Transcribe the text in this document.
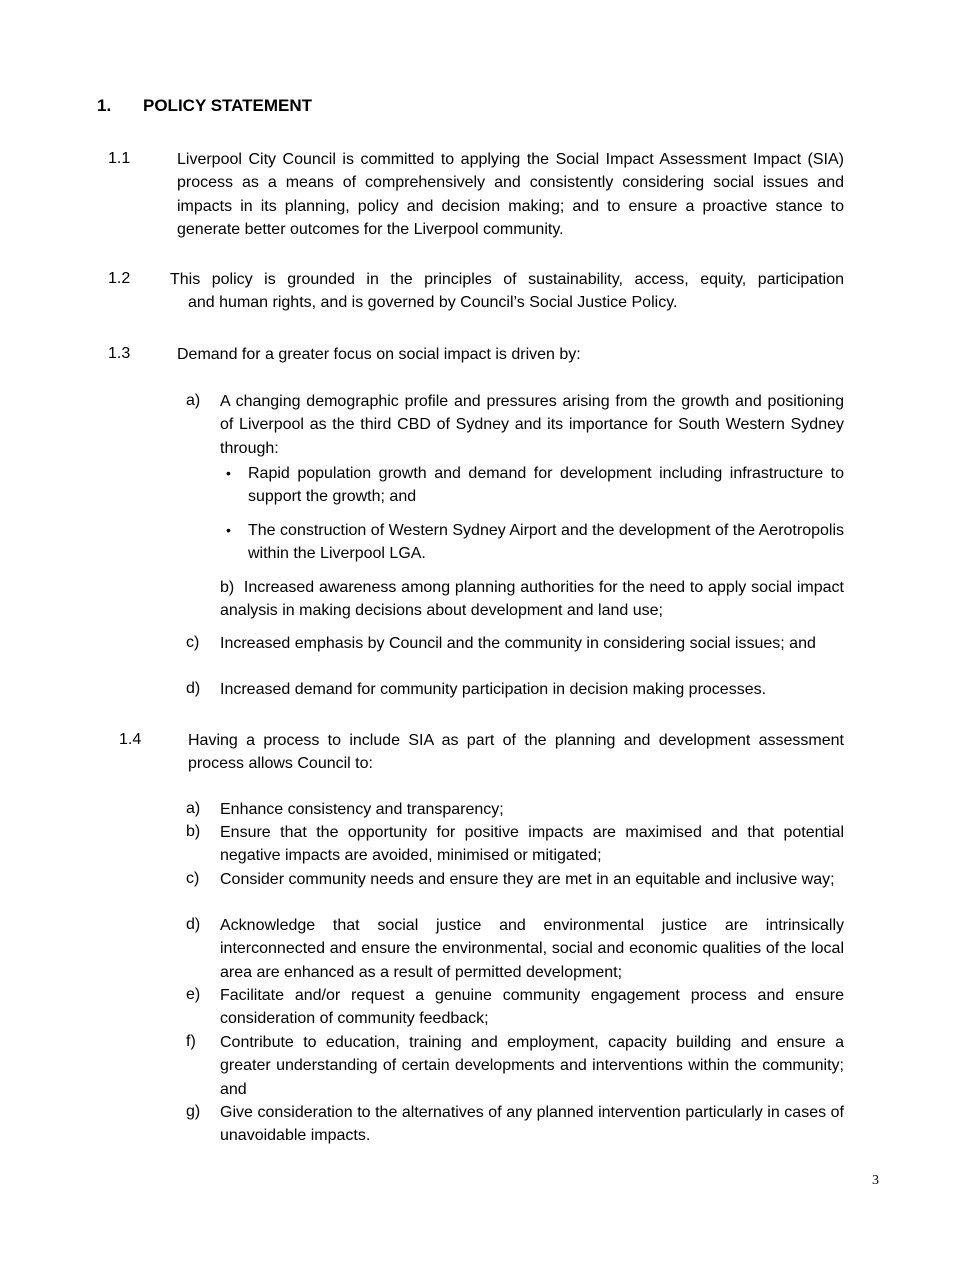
1. POLICY STATEMENT
1.1	Liverpool City Council is committed to applying the Social Impact Assessment Impact (SIA) process as a means of comprehensively and consistently considering social issues and impacts in its planning, policy and decision making; and to ensure a proactive stance to generate better outcomes for the Liverpool community.
1.2 This policy is grounded in the principles of sustainability, access, equity, participation
and human rights, and is governed by Council’s Social Justice Policy.
1.3	Demand for a greater focus on social impact is driven by:
a) A changing demographic profile and pressures arising from the growth and positioning of Liverpool as the third CBD of Sydney and its importance for South Western Sydney through:
• Rapid population growth and demand for development including infrastructure to support the growth; and
• The construction of Western Sydney Airport and the development of the Aerotropolis within the Liverpool LGA.
b) Increased awareness among planning authorities for the need to apply social impact analysis in making decisions about development and land use;
c) Increased emphasis by Council and the community in considering social issues; and
d) Increased demand for community participation in decision making processes.
1.4	Having a process to include SIA as part of the planning and development assessment process allows Council to:
a) Enhance consistency and transparency;
b) Ensure that the opportunity for positive impacts are maximised and that potential negative impacts are avoided, minimised or mitigated;
c) Consider community needs and ensure they are met in an equitable and inclusive way;
d) Acknowledge that social justice and environmental justice are intrinsically interconnected and ensure the environmental, social and economic qualities of the local area are enhanced as a result of permitted development;
e) Facilitate and/or request a genuine community engagement process and ensure consideration of community feedback;
f) Contribute to education, training and employment, capacity building and ensure a greater understanding of certain developments and interventions within the community; and
g) Give consideration to the alternatives of any planned intervention particularly in cases of unavoidable impacts.
3
